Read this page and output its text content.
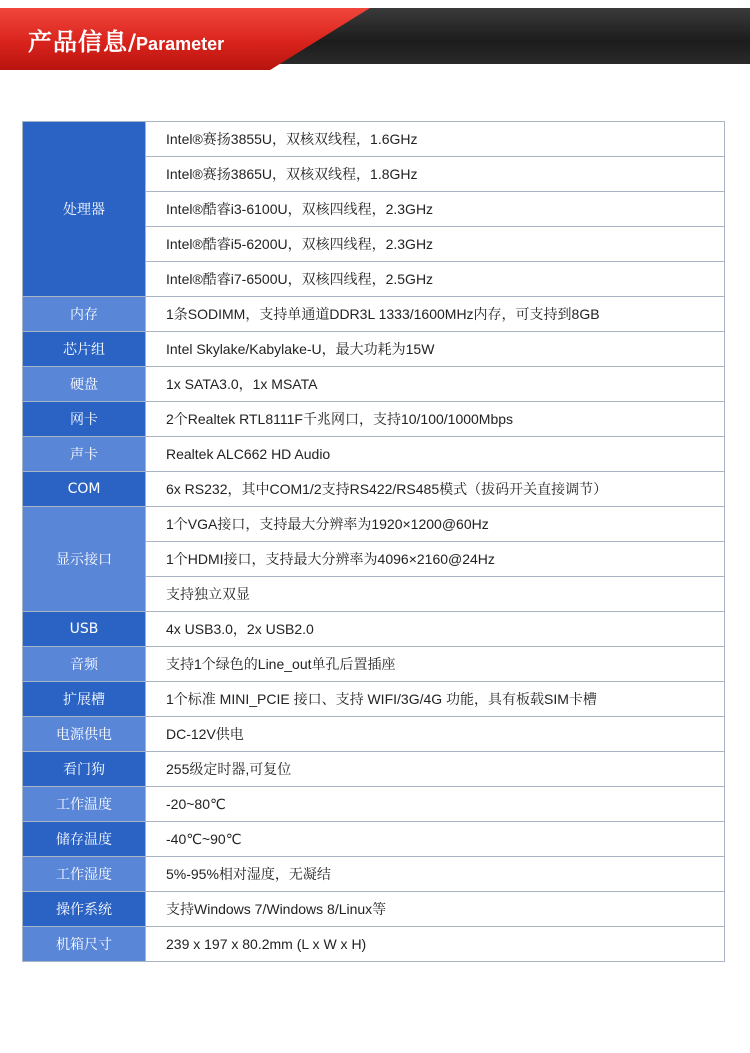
产品信息/Parameter
处理器	Intel®赛扬3855U，双核双线程，1.6GHz
	Intel®赛扬3865U，双核双线程，1.8GHz
	Intel®酷睿i3-6100U，双核四线程，2.3GHz
	Intel®酷睿i5-6200U，双核四线程，2.3GHz
	Intel®酷睿i7-6500U，双核四线程，2.5GHz
内存	1条SODIMM，支持单通道DDR3L 1333/1600MHz内存，可支持到8GB
芯片组	Intel Skylake/Kabylake-U，最大功耗为15W
硬盘	1x SATA3.0，1x MSATA
网卡	2个Realtek RTL8111F千兆网口，支持10/100/1000Mbps
声卡	Realtek ALC662 HD Audio
COM	6x RS232，其中COM1/2支持RS422/RS485模式（拔码开关直接调节）
显示接口	1个VGA接口，支持最大分辨率为1920×1200@60Hz
	1个HDMI接口，支持最大分辨率为4096×2160@24Hz
	支持独立双显
USB	4x USB3.0，2x USB2.0
音频	支持1个绿色的Line_out单孔后置插座
扩展槽	1个标准 MINI_PCIE 接口、支持 WIFI/3G/4G 功能，具有板载SIM卡槽
电源供电	DC-12V供电
看门狗	255级定时器,可复位
工作温度	-20~80℃
储存温度	-40℃~90℃
工作湿度	5%-95%相对湿度，无凝结
操作系统	支持Windows 7/Windows 8/Linux等
机箱尺寸	239 x 197 x 80.2mm (L x W x H)
